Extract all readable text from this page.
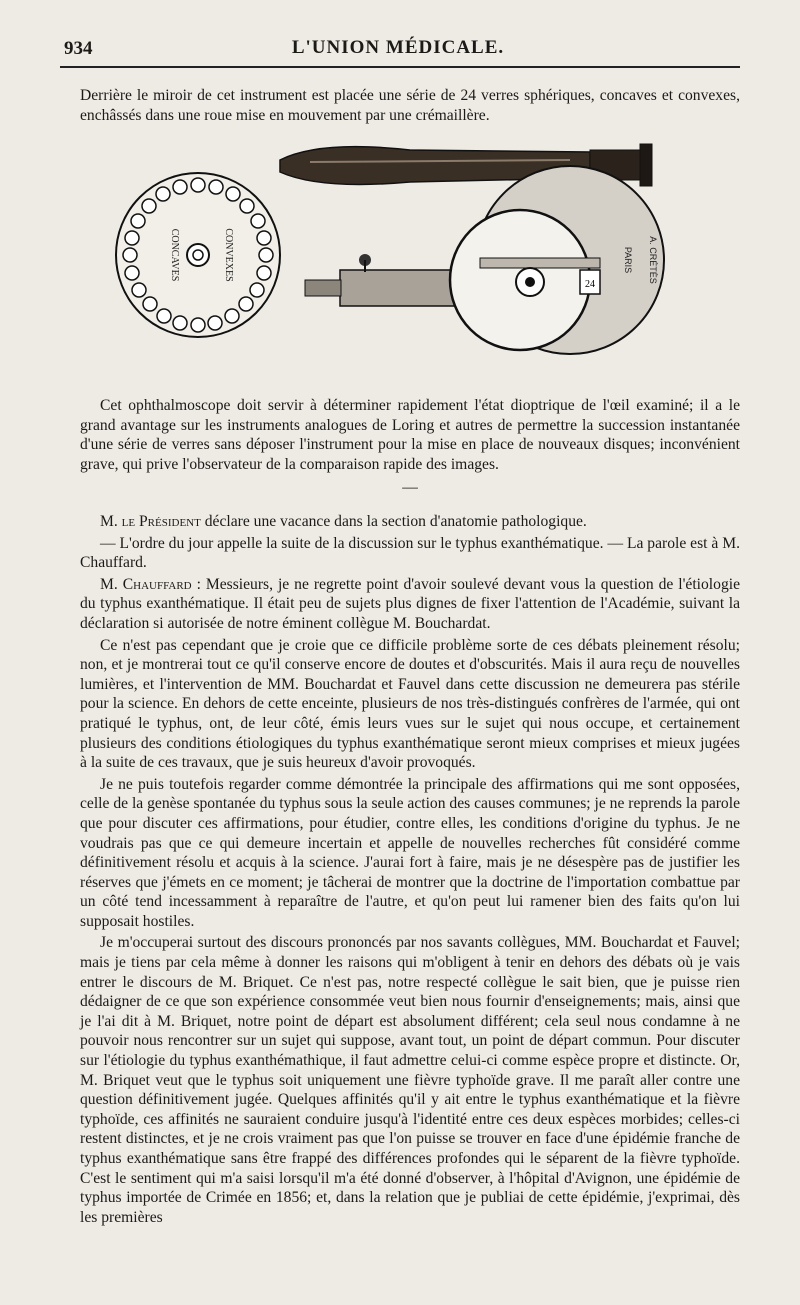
934	L'UNION MÉDICALE.

Derrière le miroir de cet instrument est placée une série de 24 verres sphériques, concaves et convexes, enchâssés dans une roue mise en mouvement par une crémaillère.

CONCAVES	CONVEXES
24
PARIS A. CRÉTÈS

Cet ophthalmoscope doit servir à déterminer rapidement l'état dioptrique de l'œil examiné; il a le grand avantage sur les instruments analogues de Loring et autres de permettre la succession instantanée d'une série de verres sans déposer l'instrument pour la mise en place de nouveaux disques; inconvénient grave, qui prive l'observateur de la comparaison rapide des images.

—

M. le Président déclare une vacance dans la section d'anatomie pathologique.

— L'ordre du jour appelle la suite de la discussion sur le typhus exanthématique. — La parole est à M. Chauffard.

M. Chauffard : Messieurs, je ne regrette point d'avoir soulevé devant vous la question de l'étiologie du typhus exanthématique. Il était peu de sujets plus dignes de fixer l'attention de l'Académie, suivant la déclaration si autorisée de notre éminent collègue M. Bouchardat.

Ce n'est pas cependant que je croie que ce difficile problème sorte de ces débats pleinement résolu; non, et je montrerai tout ce qu'il conserve encore de doutes et d'obscurités. Mais il aura reçu de nouvelles lumières, et l'intervention de MM. Bouchardat et Fauvel dans cette discussion ne demeurera pas stérile pour la science. En dehors de cette enceinte, plusieurs de nos très-distingués confrères de l'armée, qui ont pratiqué le typhus, ont, de leur côté, émis leurs vues sur le sujet qui nous occupe, et certainement plusieurs des conditions étiologiques du typhus exanthématique seront mieux comprises et mieux jugées à la suite de ces travaux, que je suis heureux d'avoir provoqués.

Je ne puis toutefois regarder comme démontrée la principale des affirmations qui me sont opposées, celle de la genèse spontanée du typhus sous la seule action des causes communes; je ne reprends la parole que pour discuter ces affirmations, pour étudier, contre elles, les conditions d'origine du typhus. Je ne voudrais pas que ce qui demeure incertain et appelle de nouvelles recherches fût considéré comme définitivement résolu et acquis à la science. J'aurai fort à faire, mais je ne désespère pas de justifier les réserves que j'émets en ce moment; je tâcherai de montrer que la doctrine de l'importation combattue par un côté tend incessamment à reparaître de l'autre, et qu'on peut lui ramener bien des faits qu'on lui supposait hostiles.

Je m'occuperai surtout des discours prononcés par nos savants collègues, MM. Bouchardat et Fauvel; mais je tiens par cela même à donner les raisons qui m'obligent à tenir en dehors des débats où je vais entrer le discours de M. Briquet. Ce n'est pas, notre respecté collègue le sait bien, que je puisse rien dédaigner de ce que son expérience consommée veut bien nous fournir d'enseignements; mais, ainsi que je l'ai dit à M. Briquet, notre point de départ est absolument différent; cela seul nous condamne à ne pouvoir nous rencontrer sur un sujet qui suppose, avant tout, un point de départ commun. Pour discuter sur l'étiologie du typhus exanthémathique, il faut admettre celui-ci comme espèce propre et distincte. Or, M. Briquet veut que le typhus soit uniquement une fièvre typhoïde grave. Il me paraît aller contre une question définitivement jugée. Quelques affinités qu'il y ait entre le typhus exanthématique et la fièvre typhoïde, ces affinités ne sauraient conduire jusqu'à l'identité entre ces deux espèces morbides; celles-ci restent distinctes, et je ne crois vraiment pas que l'on puisse se trouver en face d'une épidémie franche de typhus exanthématique sans être frappé des différences profondes qui le séparent de la fièvre typhoïde. C'est le sentiment qui m'a saisi lorsqu'il m'a été donné d'observer, à l'hôpital d'Avignon, une épidémie de typhus importée de Crimée en 1856; et, dans la relation que je publiai de cette épidémie, j'exprimai, dès les premières
